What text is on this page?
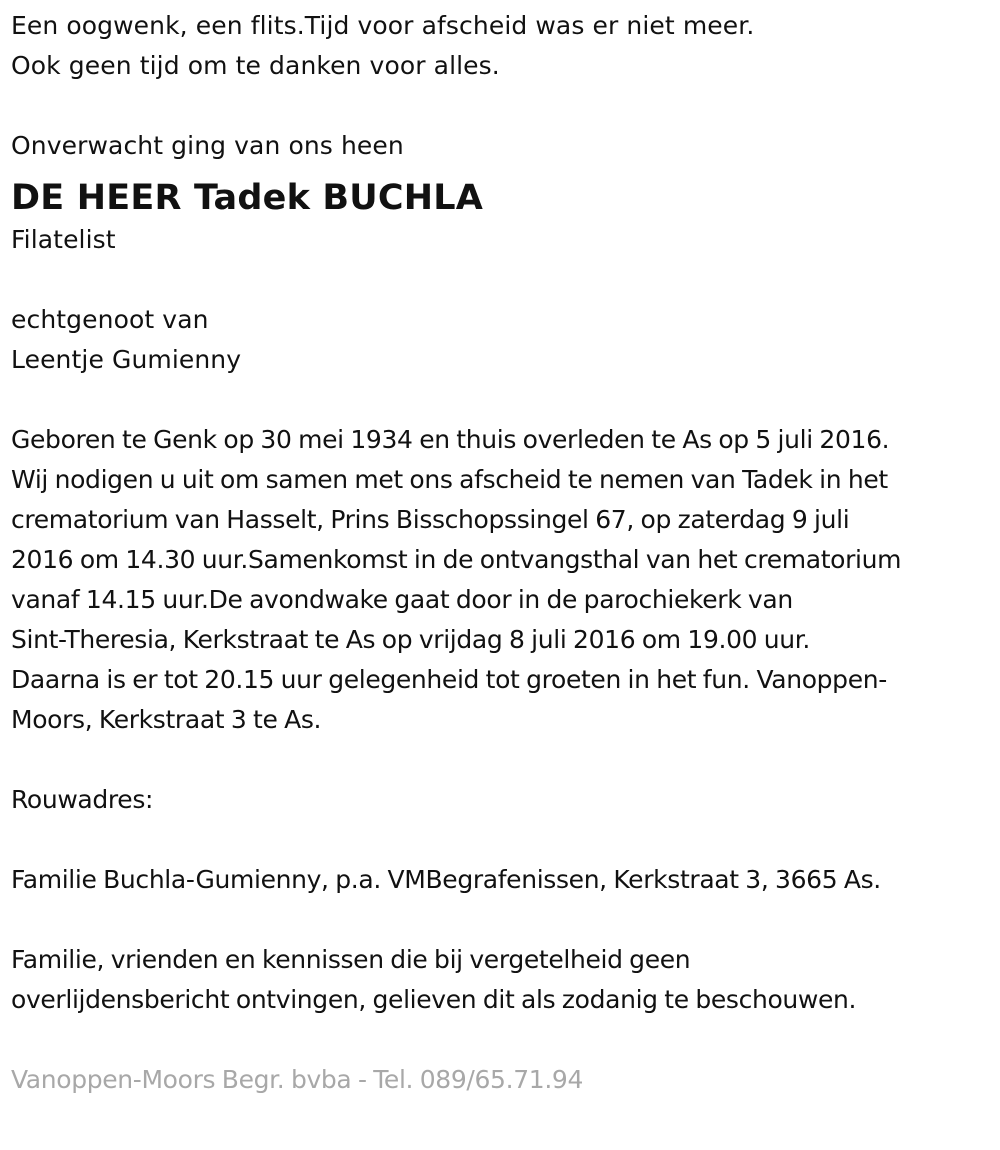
Een oogwenk, een flits.Tijd voor afscheid was er niet meer.
Ook geen tijd om te danken voor alles.
Onverwacht ging van ons heen
DE HEER Tadek BUCHLA
Filatelist
echtgenoot van
Leentje Gumienny
Geboren te Genk op 30 mei 1934 en thuis overleden te As op 5 juli 2016.
Wij nodigen u uit om samen met ons afscheid te nemen van Tadek in het
crematorium van Hasselt, Prins Bisschopssingel 67, op zaterdag 9 juli
2016 om 14.30 uur.Samenkomst in de ontvangsthal van het crematorium
vanaf 14.15 uur.De avondwake gaat door in de parochiekerk van
Sint-Theresia, Kerkstraat te As op vrijdag 8 juli 2016 om 19.00 uur.
Daarna is er tot 20.15 uur gelegenheid tot groeten in het fun. Vanoppen-
Moors, Kerkstraat 3 te As.
Rouwadres:
Familie Buchla-Gumienny, p.a. VMBegrafenissen, Kerkstraat 3, 3665 As.
Familie, vrienden en kennissen die bij vergetelheid geen
overlijdensbericht ontvingen, gelieven dit als zodanig te beschouwen.
Vanoppen-Moors Begr. bvba - Tel. 089/65.71.94
